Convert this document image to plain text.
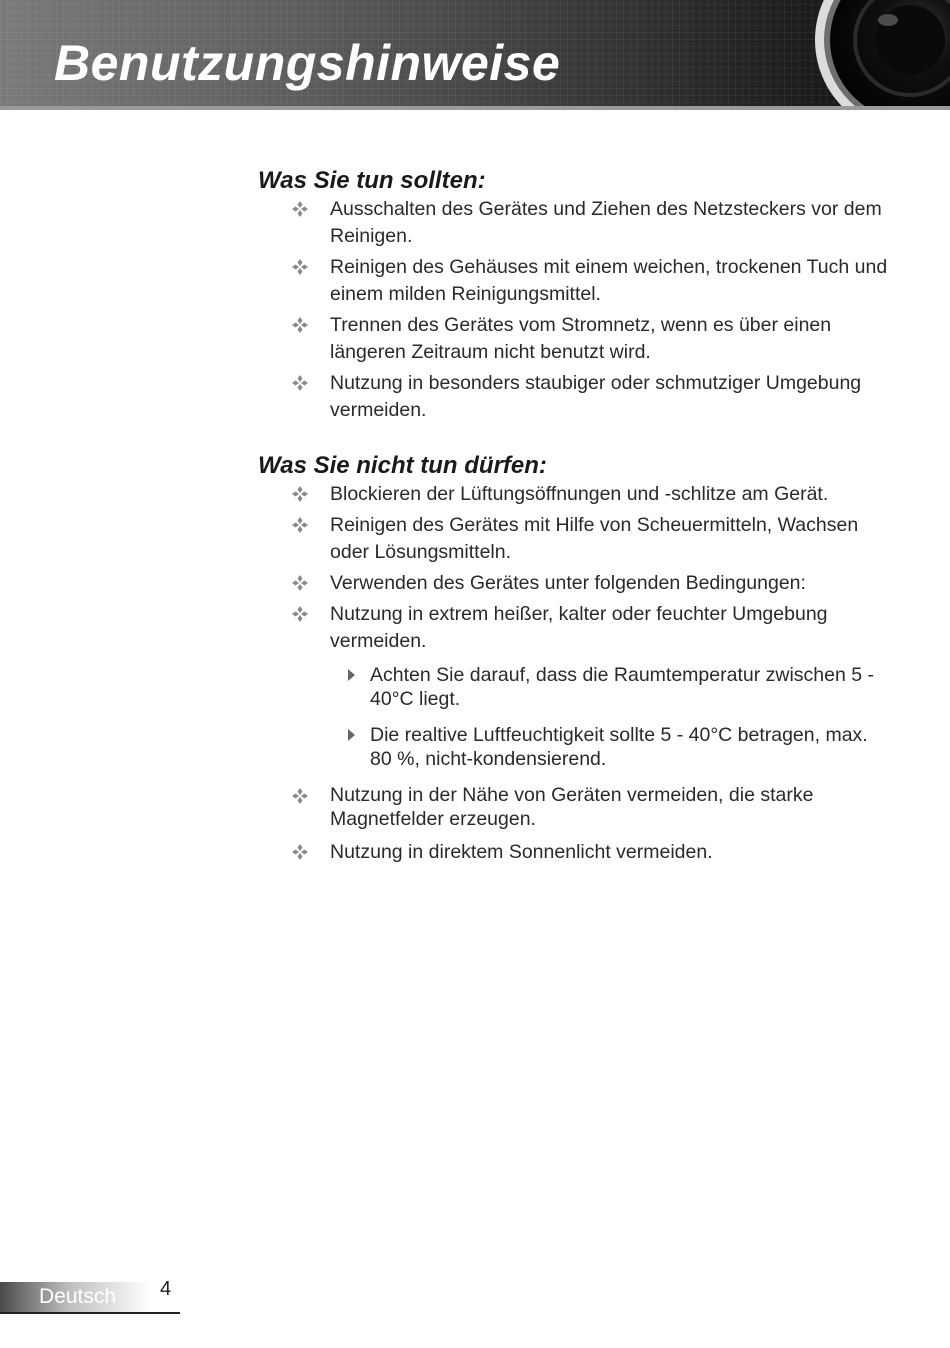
Benutzungshinweise
Was Sie tun sollten:
Ausschalten des Gerätes und Ziehen des Netzsteckers vor dem Reinigen.
Reinigen des Gehäuses mit einem weichen, trockenen Tuch und einem milden Reinigungsmittel.
Trennen des Gerätes vom Stromnetz, wenn es über einen längeren Zeitraum nicht benutzt wird.
Nutzung in besonders staubiger oder schmutziger Umgebung vermeiden.
Was Sie nicht tun dürfen:
Blockieren der Lüftungsöffnungen und -schlitze am Gerät.
Reinigen des Gerätes mit Hilfe von Scheuermitteln, Wachsen oder Lösungsmitteln.
Verwenden des Gerätes unter folgenden Bedingungen:
Nutzung in extrem heißer, kalter oder feuchter Umgebung vermeiden.
Achten Sie darauf, dass die Raumtemperatur zwischen 5 - 40°C liegt.
Die realtive Luftfeuchtigkeit sollte 5 - 40°C betragen, max. 80 %, nicht-kondensierend.
Nutzung in der Nähe von Geräten vermeiden, die starke Magnetfelder erzeugen.
Nutzung in direktem Sonnenlicht vermeiden.
Deutsch 4
